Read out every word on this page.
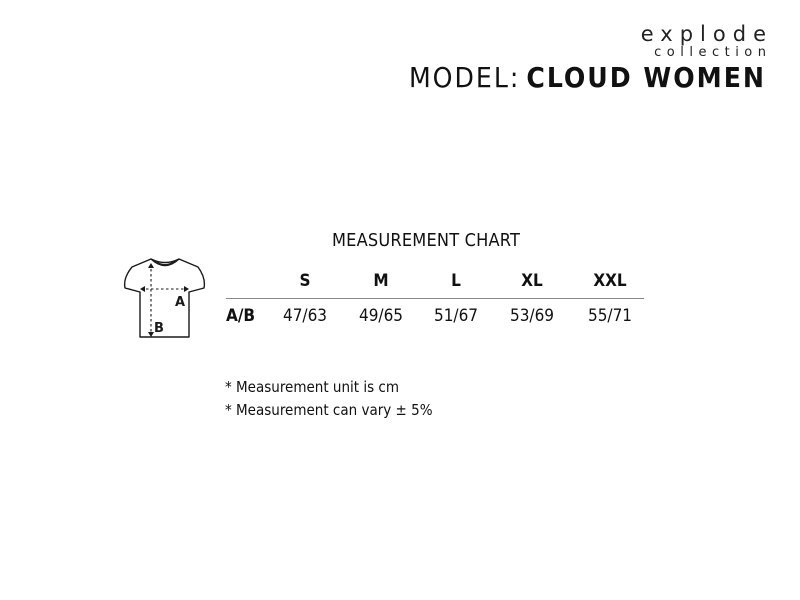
explode
collection
MODEL: CLOUD WOMEN
MEASUREMENT CHART
A
B
S	M	L	XL	XXL
A/B 47/63 49/65 51/67 53/69 55/71
* Measurement unit is cm
* Measurement can vary ± 5%
